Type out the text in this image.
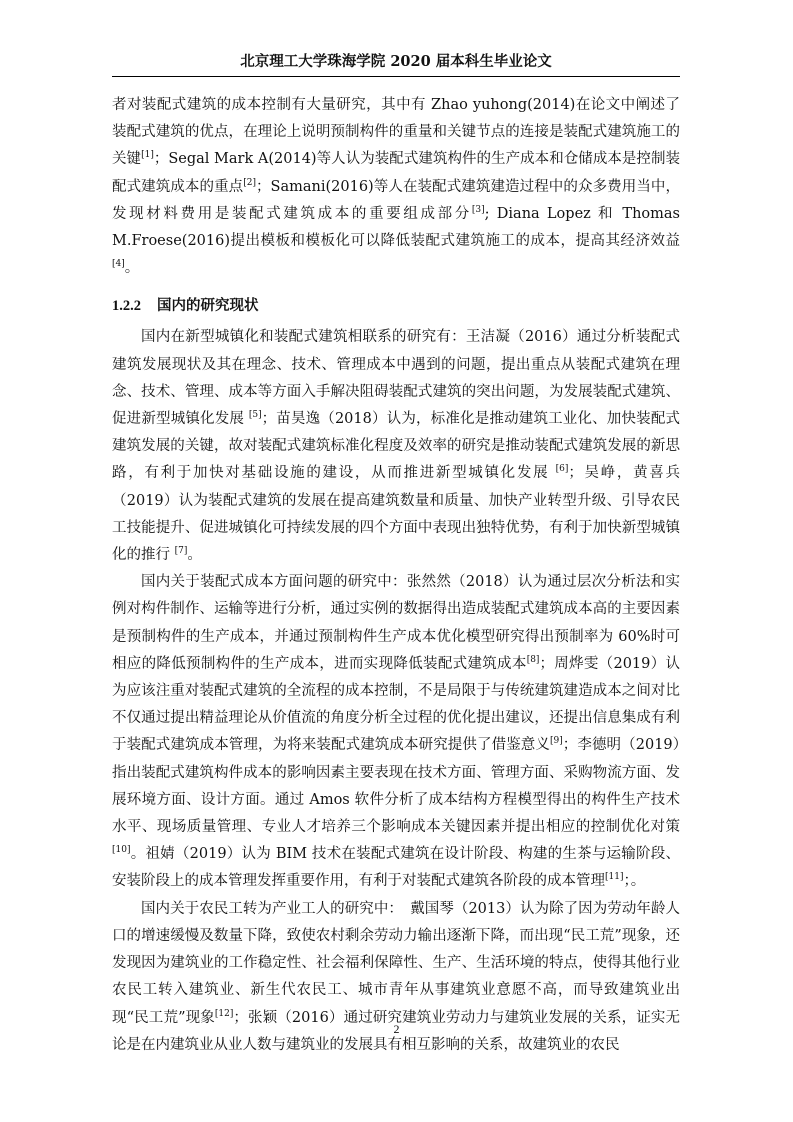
北京理工大学珠海学院 2020 届本科生毕业论文

者对装配式建筑的成本控制有大量研究，其中有 Zhao yuhong(2014)在论文中阐述了装配式建筑的优点，在理论上说明预制构件的重量和关键节点的连接是装配式建筑施工的关键[1]；Segal Mark A(2014)等人认为装配式建筑构件的生产成本和仓储成本是控制装配式建筑成本的重点[2]；Samani(2016)等人在装配式建筑建造过程中的众多费用当中，发现材料费用是装配式建筑成本的重要组成部分[3]; Diana Lopez 和 Thomas M.Froese(2016)提出模板和模板化可以降低装配式建筑施工的成本，提高其经济效益[4]。

1.2.2 国内的研究现状

国内在新型城镇化和装配式建筑相联系的研究有：王洁凝（2016）通过分析装配式建筑发展现状及其在理念、技术、管理成本中遇到的问题，提出重点从装配式建筑在理念、技术、管理、成本等方面入手解决阻碍装配式建筑的突出问题，为发展装配式建筑、促进新型城镇化发展 [5]；苗昊逸（2018）认为，标准化是推动建筑工业化、加快装配式建筑发展的关键，故对装配式建筑标准化程度及效率的研究是推动装配式建筑发展的新思路，有利于加快对基础设施的建设，从而推进新型城镇化发展 [6]；吴峥，黄喜兵（2019）认为装配式建筑的发展在提高建筑数量和质量、加快产业转型升级、引导农民工技能提升、促进城镇化可持续发展的四个方面中表现出独特优势，有利于加快新型城镇化的推行 [7]。

国内关于装配式成本方面问题的研究中：张然然（2018）认为通过层次分析法和实例对构件制作、运输等进行分析，通过实例的数据得出造成装配式建筑成本高的主要因素是预制构件的生产成本，并通过预制构件生产成本优化模型研究得出预制率为 60%时可相应的降低预制构件的生产成本，进而实现降低装配式建筑成本[8]；周烨雯（2019）认为应该注重对装配式建筑的全流程的成本控制，不是局限于与传统建筑建造成本之间对比不仅通过提出精益理论从价值流的角度分析全过程的优化提出建议，还提出信息集成有利于装配式建筑成本管理，为将来装配式建筑成本研究提供了借鉴意义[9]；李德明（2019）指出装配式建筑构件成本的影响因素主要表现在技术方面、管理方面、采购物流方面、发展环境方面、设计方面。通过 Amos 软件分析了成本结构方程模型得出的构件生产技术水平、现场质量管理、专业人才培养三个影响成本关键因素并提出相应的控制优化对策[10]。祖婧（2019）认为 BIM 技术在装配式建筑在设计阶段、构建的生茶与运输阶段、安装阶段上的成本管理发挥重要作用，有利于对装配式建筑各阶段的成本管理[11]；。

国内关于农民工转为产业工人的研究中：　戴国琴（2013）认为除了因为劳动年龄人口的增速缓慢及数量下降，致使农村剩余劳动力输出逐渐下降，而出现“民工荒”现象，还发现因为建筑业的工作稳定性、社会福利保障性、生产、生活环境的特点，使得其他行业农民工转入建筑业、新生代农民工、城市青年从事建筑业意愿不高，而导致建筑业出现“民工荒”现象[12]；张颖（2016）通过研究建筑业劳动力与建筑业发展的关系，证实无论是在内建筑业从业人数与建筑业的发展具有相互影响的关系，故建筑业的农民

2
